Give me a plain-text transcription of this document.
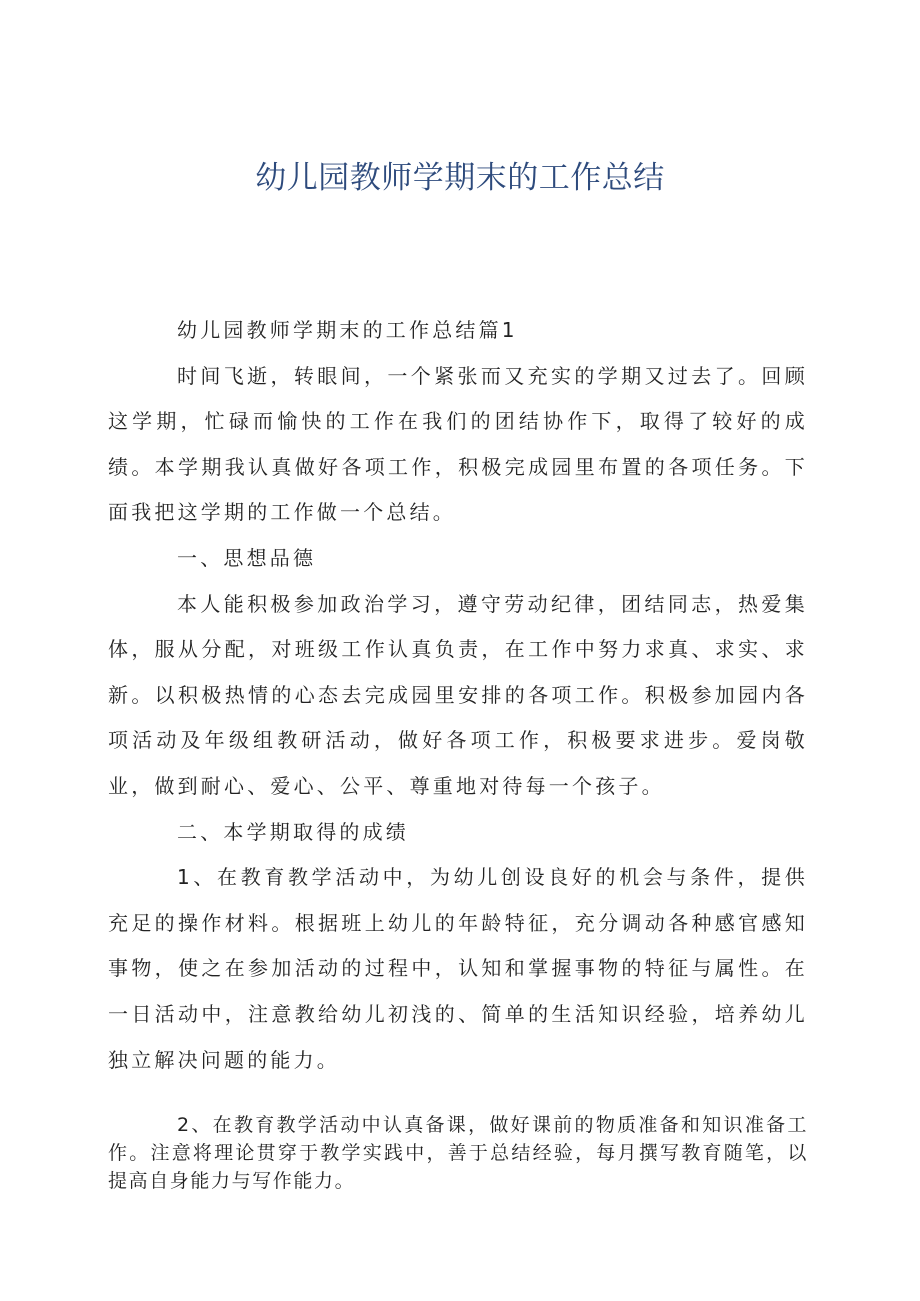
幼儿园教师学期末的工作总结

幼儿园教师学期末的工作总结篇1

时间飞逝，转眼间，一个紧张而又充实的学期又过去了。回顾这学期，忙碌而愉快的工作在我们的团结协作下，取得了较好的成绩。本学期我认真做好各项工作，积极完成园里布置的各项任务。下面我把这学期的工作做一个总结。

一、思想品德

本人能积极参加政治学习，遵守劳动纪律，团结同志，热爱集体，服从分配，对班级工作认真负责，在工作中努力求真、求实、求新。以积极热情的心态去完成园里安排的各项工作。积极参加园内各项活动及年级组教研活动，做好各项工作，积极要求进步。爱岗敬业，做到耐心、爱心、公平、尊重地对待每一个孩子。

二、本学期取得的成绩

1、在教育教学活动中，为幼儿创设良好的机会与条件，提供充足的操作材料。根据班上幼儿的年龄特征，充分调动各种感官感知事物，使之在参加活动的过程中，认知和掌握事物的特征与属性。在一日活动中，注意教给幼儿初浅的、简单的生活知识经验，培养幼儿独立解决问题的能力。

2、在教育教学活动中认真备课，做好课前的物质准备和知识准备工作。注意将理论贯穿于教学实践中，善于总结经验，每月撰写教育随笔，以提高自身能力与写作能力。
